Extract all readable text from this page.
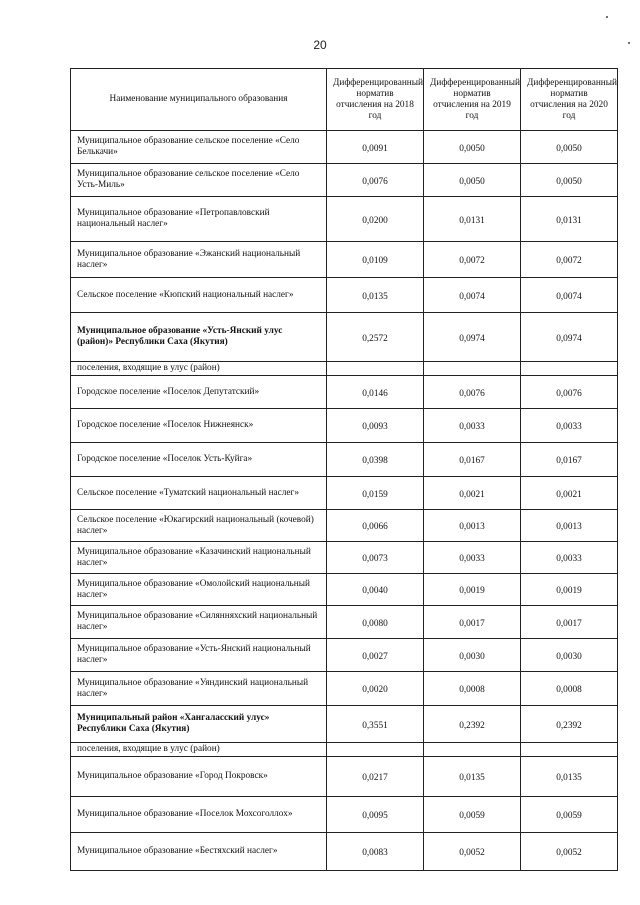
20
Наименование муниципального образования	Дифференцированный норматив отчисления на 2018 год	Дифференцированный норматив отчисления на 2019 год	Дифференцированный норматив отчисления на 2020 год
Муниципальное образование сельское поселение «Село Белькачи»	0,0091	0,0050	0,0050
Муниципальное образование сельское поселение «Село Усть-Миль»	0,0076	0,0050	0,0050
Муниципальное образование «Петропавловский национальный наслег»	0,0200	0,0131	0,0131
Муниципальное образование «Эжанский национальный наслег»	0,0109	0,0072	0,0072
Сельское поселение «Кюпский национальный наслег»	0,0135	0,0074	0,0074
Муниципальное образование «Усть-Янский улус (район)» Республики Саха (Якутия)	0,2572	0,0974	0,0974
поселения, входящие в улус (район)			
Городское поселение «Поселок Депутатский»	0,0146	0,0076	0,0076
Городское поселение «Поселок Нижнеянск»	0,0093	0,0033	0,0033
Городское поселение «Поселок Усть-Куйга»	0,0398	0,0167	0,0167
Сельское поселение «Туматский национальный наслег»	0,0159	0,0021	0,0021
Сельское поселение «Юкагирский национальный (кочевой) наслег»	0,0066	0,0013	0,0013
Муниципальное образование «Казачинский национальный наслег»	0,0073	0,0033	0,0033
Муниципальное образование «Омолойский национальный наслег»	0,0040	0,0019	0,0019
Муниципальное образование «Силянняхский национальный наслег»	0,0080	0,0017	0,0017
Муниципальное образование «Усть-Янский национальный наслег»	0,0027	0,0030	0,0030
Муниципальное образование «Уяндинский национальный наслег»	0,0020	0,0008	0,0008
Муниципальный район «Хангаласский улус» Республики Саха (Якутия)	0,3551	0,2392	0,2392
поселения, входящие в улус (район)			
Муниципальное образование «Город Покровск»	0,0217	0,0135	0,0135
Муниципальное образование «Поселок Мохсоголлох»	0,0095	0,0059	0,0059
Муниципальное образование «Бестяхский наслег»	0,0083	0,0052	0,0052
